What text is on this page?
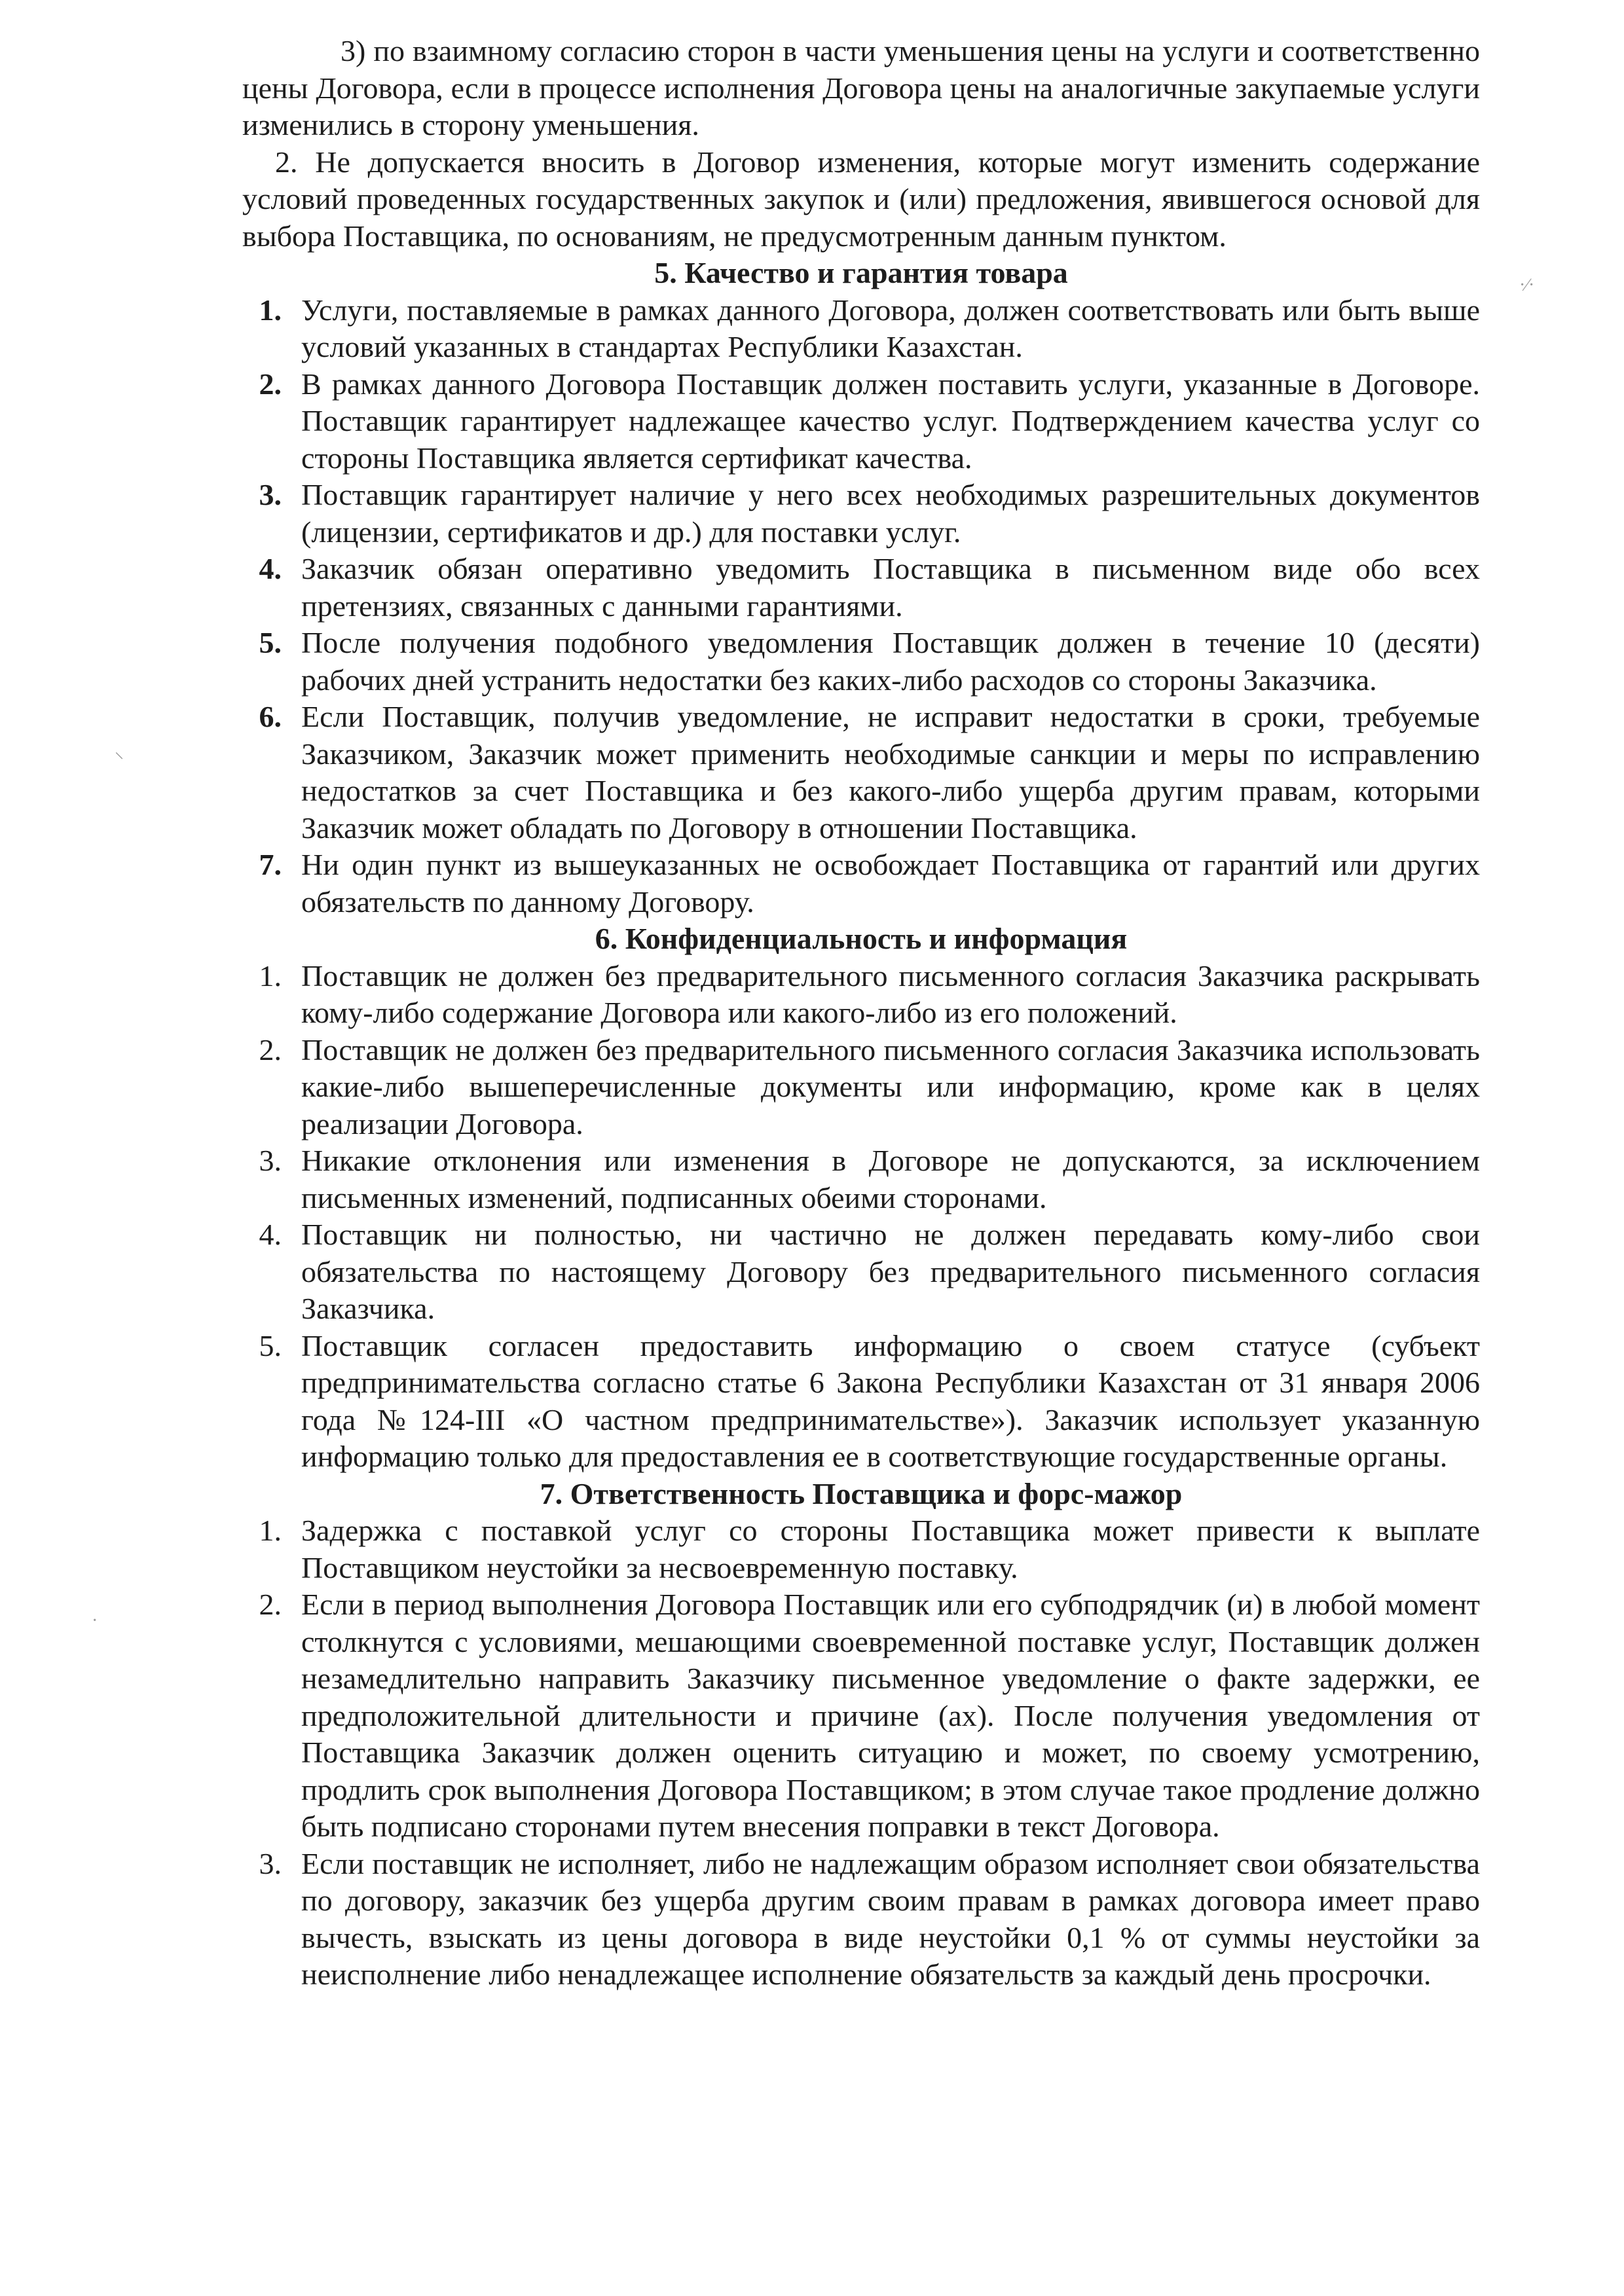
3) по взаимному согласию сторон в части уменьшения цены на услуги и соответственно цены Договора, если в процессе исполнения Договора цены на аналогичные закупаемые услуги изменились в сторону уменьшения.

2. Не допускается вносить в Договор изменения, которые могут изменить содержание условий проведенных государственных закупок и (или) предложения, явившегося основой для выбора Поставщика, по основаниям, не предусмотренным данным пунктом.

5. Качество и гарантия товара
1. Услуги, поставляемые в рамках данного Договора, должен соответствовать или быть выше условий указанных в стандартах Республики Казахстан.
2. В рамках данного Договора Поставщик должен поставить услуги, указанные в Договоре. Поставщик гарантирует надлежащее качество услуг. Подтверждением качества услуг со стороны Поставщика является сертификат качества.
3. Поставщик гарантирует наличие у него всех необходимых разрешительных документов (лицензии, сертификатов и др.) для поставки услуг.
4. Заказчик обязан оперативно уведомить Поставщика в письменном виде обо всех претензиях, связанных с данными гарантиями.
5. После получения подобного уведомления Поставщик должен в течение 10 (десяти) рабочих дней устранить недостатки без каких-либо расходов со стороны Заказчика.
6. Если Поставщик, получив уведомление, не исправит недостатки в сроки, требуемые Заказчиком, Заказчик может применить необходимые санкции и меры по исправлению недостатков за счет Поставщика и без какого-либо ущерба другим правам, которыми Заказчик может обладать по Договору в отношении Поставщика.
7. Ни один пункт из вышеуказанных не освобождает Поставщика от гарантий или других обязательств по данному Договору.
6. Конфиденциальность и информация
1. Поставщик не должен без предварительного письменного согласия Заказчика раскрывать кому-либо содержание Договора или какого-либо из его положений.
2. Поставщик не должен без предварительного письменного согласия Заказчика использовать какие-либо вышеперечисленные документы или информацию, кроме как в целях реализации Договора.
3. Никакие отклонения или изменения в Договоре не допускаются, за исключением письменных изменений, подписанных обеими сторонами.
4. Поставщик ни полностью, ни частично не должен передавать кому-либо свои обязательства по настоящему Договору без предварительного письменного согласия Заказчика.
5. Поставщик согласен предоставить информацию о своем статусе (субъект предпринимательства согласно статье 6 Закона Республики Казахстан от 31 января 2006 года №124-III «О частном предпринимательстве»). Заказчик использует указанную информацию только для предоставления ее в соответствующие государственные органы.
7. Ответственность Поставщика и форс-мажор
1. Задержка с поставкой услуг со стороны Поставщика может привести к выплате Поставщиком неустойки за несвоевременную поставку.
2. Если в период выполнения Договора Поставщик или его субподрядчик (и) в любой момент столкнутся с условиями, мешающими своевременной поставке услуг, Поставщик должен незамедлительно направить Заказчику письменное уведомление о факте задержки, ее предположительной длительности и причине (ах). После получения уведомления от Поставщика Заказчик должен оценить ситуацию и может, по своему усмотрению, продлить срок выполнения Договора Поставщиком; в этом случае такое продление должно быть подписано сторонами путем внесения поправки в текст Договора.
3. Если поставщик не исполняет, либо не надлежащим образом исполняет свои обязательства по договору, заказчик без ущерба другим своим правам в рамках договора имеет право вычесть, взыскать из цены договора в виде неустойки 0,1 % от суммы неустойки за неисполнение либо ненадлежащее исполнение обязательств за каждый день просрочки.
·∕·
⸌
·
